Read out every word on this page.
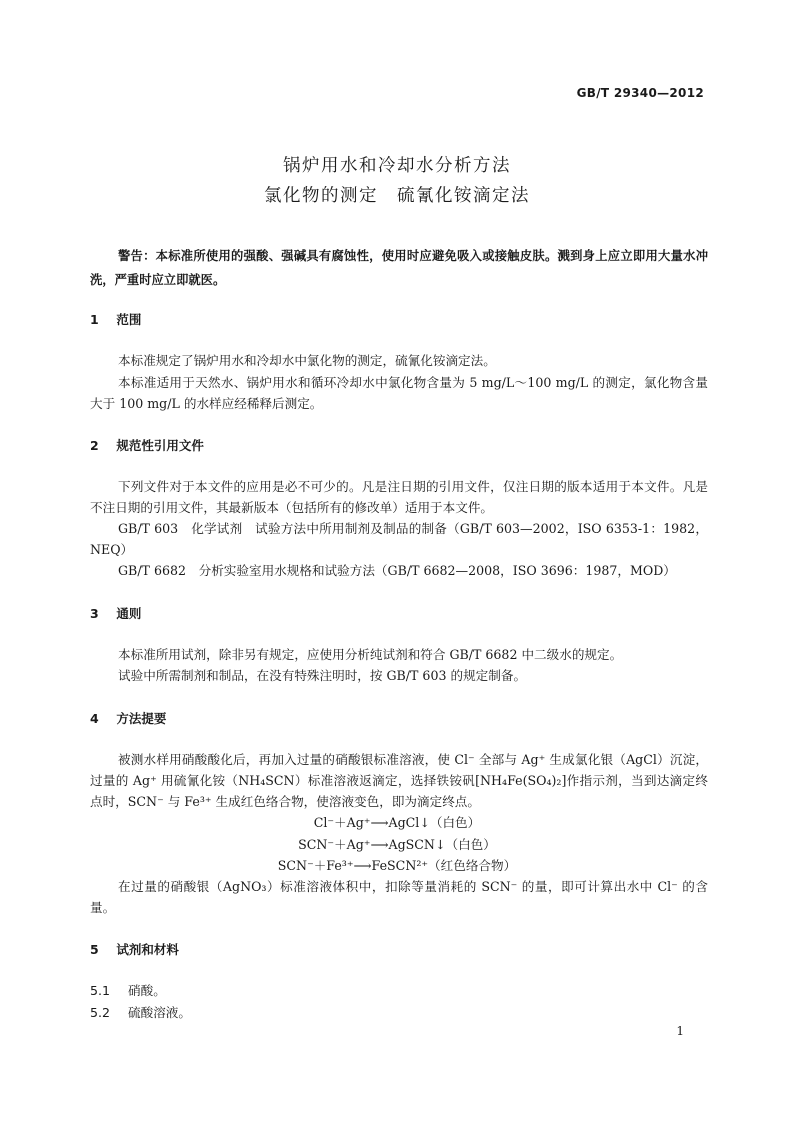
GB/T 29340—2012
锅炉用水和冷却水分析方法
氯化物的测定　硫氰化铵滴定法
警告：本标准所使用的强酸、强碱具有腐蚀性，使用时应避免吸入或接触皮肤。溅到身上应立即用大量水冲洗，严重时应立即就医。
1 范围
本标准规定了锅炉用水和冷却水中氯化物的测定，硫氰化铵滴定法。
本标准适用于天然水、锅炉用水和循环冷却水中氯化物含量为 5 mg/L～100 mg/L 的测定，氯化物含量大于 100 mg/L 的水样应经稀释后测定。
2 规范性引用文件
下列文件对于本文件的应用是必不可少的。凡是注日期的引用文件，仅注日期的版本适用于本文件。凡是不注日期的引用文件，其最新版本（包括所有的修改单）适用于本文件。
GB/T 603　化学试剂　试验方法中所用制剂及制品的制备（GB/T 603—2002，ISO 6353-1：1982，NEQ）
GB/T 6682　分析实验室用水规格和试验方法（GB/T 6682—2008，ISO 3696：1987，MOD）
3 通则
本标准所用试剂，除非另有规定，应使用分析纯试剂和符合 GB/T 6682 中二级水的规定。
试验中所需制剂和制品，在没有特殊注明时，按 GB/T 603 的规定制备。
4 方法提要
被测水样用硝酸酸化后，再加入过量的硝酸银标准溶液，使 Cl⁻ 全部与 Ag⁺ 生成氯化银（AgCl）沉淀，过量的 Ag⁺ 用硫氰化铵（NH₄SCN）标准溶液返滴定，选择铁铵矾[NH₄Fe(SO₄)₂]作指示剂，当到达滴定终点时，SCN⁻ 与 Fe³⁺ 生成红色络合物，使溶液变色，即为滴定终点。
Cl⁻＋Ag⁺⟶AgCl↓（白色）
SCN⁻＋Ag⁺⟶AgSCN↓（白色）
SCN⁻＋Fe³⁺⟶FeSCN²⁺（红色络合物）
在过量的硝酸银（AgNO₃）标准溶液体积中，扣除等量消耗的 SCN⁻ 的量，即可计算出水中 Cl⁻ 的含量。
5 试剂和材料
5.1 硝酸。
5.2 硫酸溶液。
1
